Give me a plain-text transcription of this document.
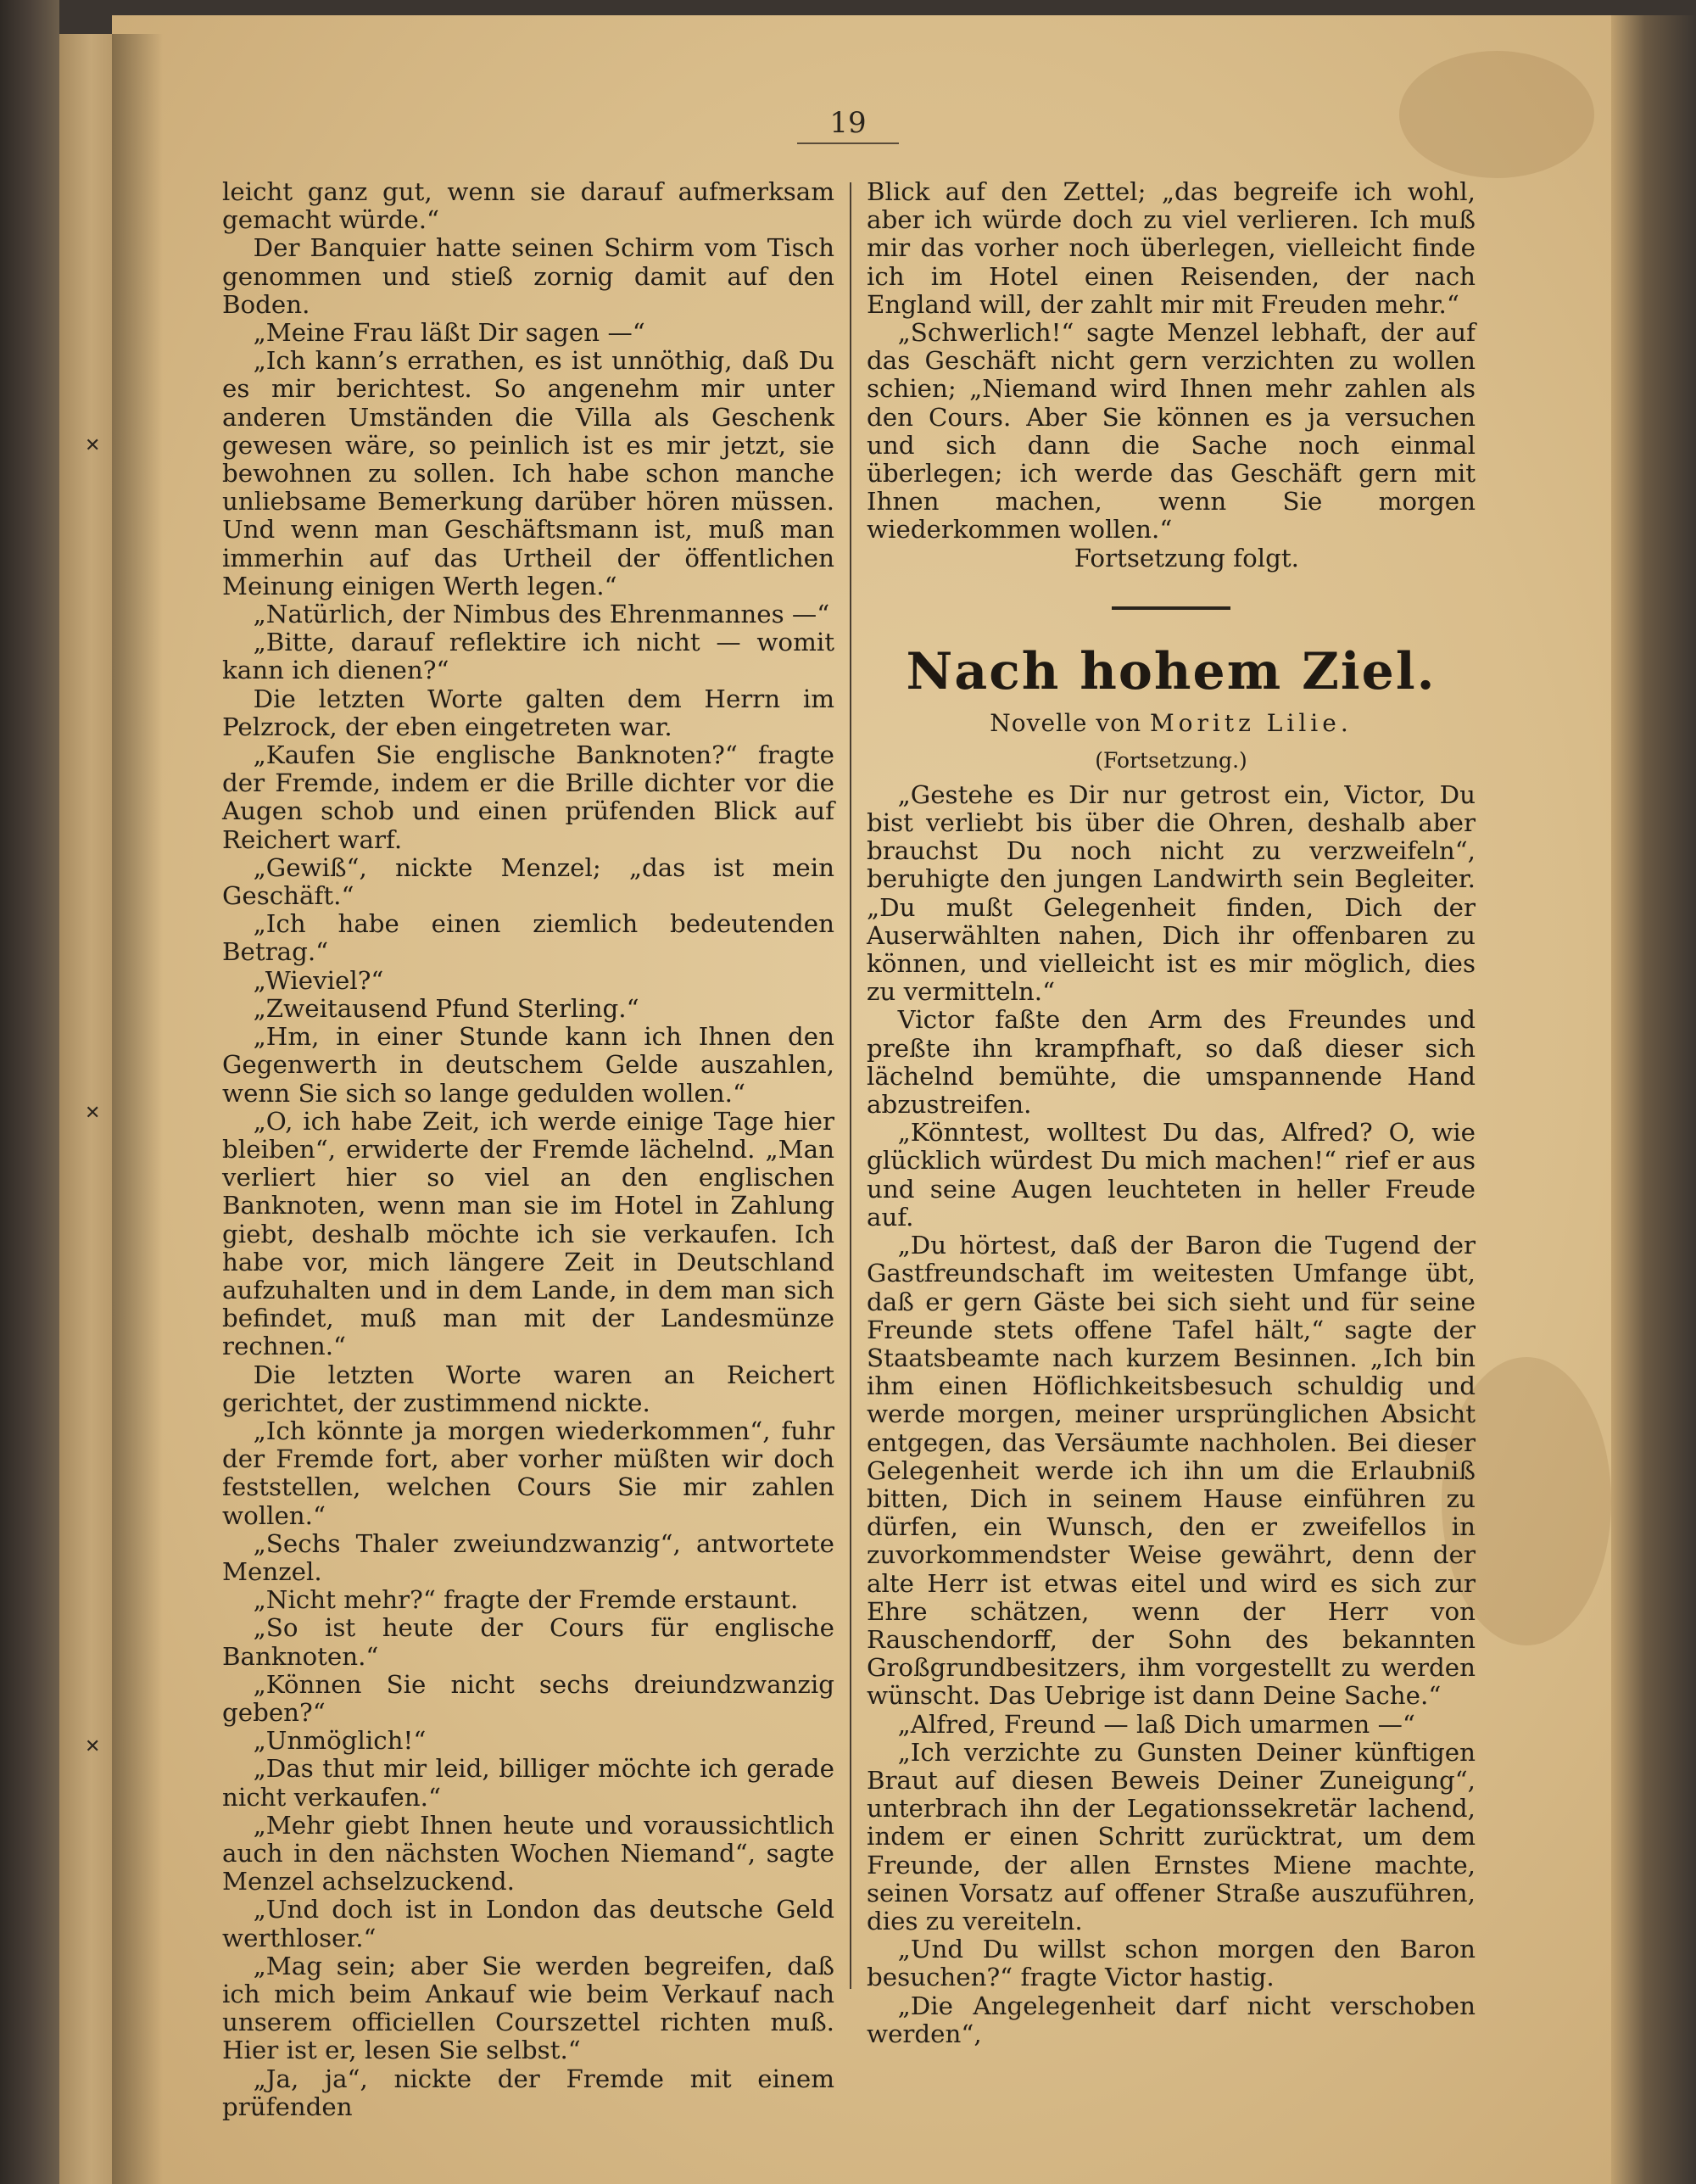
✕
✕
✕
19

leicht ganz gut, wenn sie darauf aufmerksam gemacht würde.“

Der Banquier hatte seinen Schirm vom Tisch genommen und stieß zornig damit auf den Boden.

„Meine Frau läßt Dir sagen —“

„Ich kann’s errathen, es ist unnöthig, daß Du es mir berichtest. So angenehm mir unter anderen Umständen die Villa als Geschenk gewesen wäre, so peinlich ist es mir jetzt, sie bewohnen zu sollen. Ich habe schon manche unliebsame Bemerkung darüber hören müssen. Und wenn man Geschäftsmann ist, muß man immerhin auf das Urtheil der öffentlichen Meinung einigen Werth legen.“

„Natürlich, der Nimbus des Ehrenmannes —“

„Bitte, darauf reflektire ich nicht — womit kann ich dienen?“

Die letzten Worte galten dem Herrn im Pelzrock, der eben eingetreten war.

„Kaufen Sie englische Banknoten?“ fragte der Fremde, indem er die Brille dichter vor die Augen schob und einen prüfenden Blick auf Reichert warf.

„Gewiß“, nickte Menzel; „das ist mein Geschäft.“

„Ich habe einen ziemlich bedeutenden Betrag.“

„Wieviel?“

„Zweitausend Pfund Sterling.“

„Hm, in einer Stunde kann ich Ihnen den Gegenwerth in deutschem Gelde auszahlen, wenn Sie sich so lange gedulden wollen.“

„O, ich habe Zeit, ich werde einige Tage hier bleiben“, erwiderte der Fremde lächelnd. „Man verliert hier so viel an den englischen Banknoten, wenn man sie im Hotel in Zahlung giebt, deshalb möchte ich sie verkaufen. Ich habe vor, mich längere Zeit in Deutschland aufzuhalten und in dem Lande, in dem man sich befindet, muß man mit der Landesmünze rechnen.“

Die letzten Worte waren an Reichert gerichtet, der zustimmend nickte.

„Ich könnte ja morgen wiederkommen“, fuhr der Fremde fort, aber vorher müßten wir doch feststellen, welchen Cours Sie mir zahlen wollen.“

„Sechs Thaler zweiundzwanzig“, antwortete Menzel.

„Nicht mehr?“ fragte der Fremde erstaunt.

„So ist heute der Cours für englische Banknoten.“

„Können Sie nicht sechs dreiundzwanzig geben?“

„Unmöglich!“

„Das thut mir leid, billiger möchte ich gerade nicht verkaufen.“

„Mehr giebt Ihnen heute und voraussichtlich auch in den nächsten Wochen Niemand“, sagte Menzel achselzuckend.

„Und doch ist in London das deutsche Geld werthloser.“

„Mag sein; aber Sie werden begreifen, daß ich mich beim Ankauf wie beim Verkauf nach unserem officiellen Courszettel richten muß. Hier ist er, lesen Sie selbst.“

„Ja, ja“, nickte der Fremde mit einem prüfenden

Blick auf den Zettel; „das begreife ich wohl, aber ich würde doch zu viel verlieren. Ich muß mir das vorher noch überlegen, vielleicht finde ich im Hotel einen Reisenden, der nach England will, der zahlt mir mit Freuden mehr.“

„Schwerlich!“ sagte Menzel lebhaft, der auf das Geschäft nicht gern verzichten zu wollen schien; „Niemand wird Ihnen mehr zahlen als den Cours. Aber Sie können es ja versuchen und sich dann die Sache noch einmal überlegen; ich werde das Geschäft gern mit Ihnen machen, wenn Sie morgen wiederkommen wollen.“

Fortsetzung folgt.

Nach hohem Ziel.
Novelle von Moritz Lilie.
(Fortsetzung.)

„Gestehe es Dir nur getrost ein, Victor, Du bist verliebt bis über die Ohren, deshalb aber brauchst Du noch nicht zu verzweifeln“, beruhigte den jungen Landwirth sein Begleiter. „Du mußt Gelegenheit finden, Dich der Auserwählten nahen, Dich ihr offenbaren zu können, und vielleicht ist es mir möglich, dies zu vermitteln.“

Victor faßte den Arm des Freundes und preßte ihn krampfhaft, so daß dieser sich lächelnd bemühte, die umspannende Hand abzustreifen.

„Könntest, wolltest Du das, Alfred? O, wie glücklich würdest Du mich machen!“ rief er aus und seine Augen leuchteten in heller Freude auf.

„Du hörtest, daß der Baron die Tugend der Gastfreundschaft im weitesten Umfange übt, daß er gern Gäste bei sich sieht und für seine Freunde stets offene Tafel hält,“ sagte der Staatsbeamte nach kurzem Besinnen. „Ich bin ihm einen Höflichkeitsbesuch schuldig und werde morgen, meiner ursprünglichen Absicht entgegen, das Versäumte nachholen. Bei dieser Gelegenheit werde ich ihn um die Erlaubniß bitten, Dich in seinem Hause einführen zu dürfen, ein Wunsch, den er zweifellos in zuvorkommendster Weise gewährt, denn der alte Herr ist etwas eitel und wird es sich zur Ehre schätzen, wenn der Herr von Rauschendorff, der Sohn des bekannten Großgrundbesitzers, ihm vorgestellt zu werden wünscht. Das Uebrige ist dann Deine Sache.“

„Alfred, Freund — laß Dich umarmen —“

„Ich verzichte zu Gunsten Deiner künftigen Braut auf diesen Beweis Deiner Zuneigung“, unterbrach ihn der Legationssekretär lachend, indem er einen Schritt zurücktrat, um dem Freunde, der allen Ernstes Miene machte, seinen Vorsatz auf offener Straße auszuführen, dies zu vereiteln.

„Und Du willst schon morgen den Baron besuchen?“ fragte Victor hastig.

„Die Angelegenheit darf nicht verschoben werden“,
